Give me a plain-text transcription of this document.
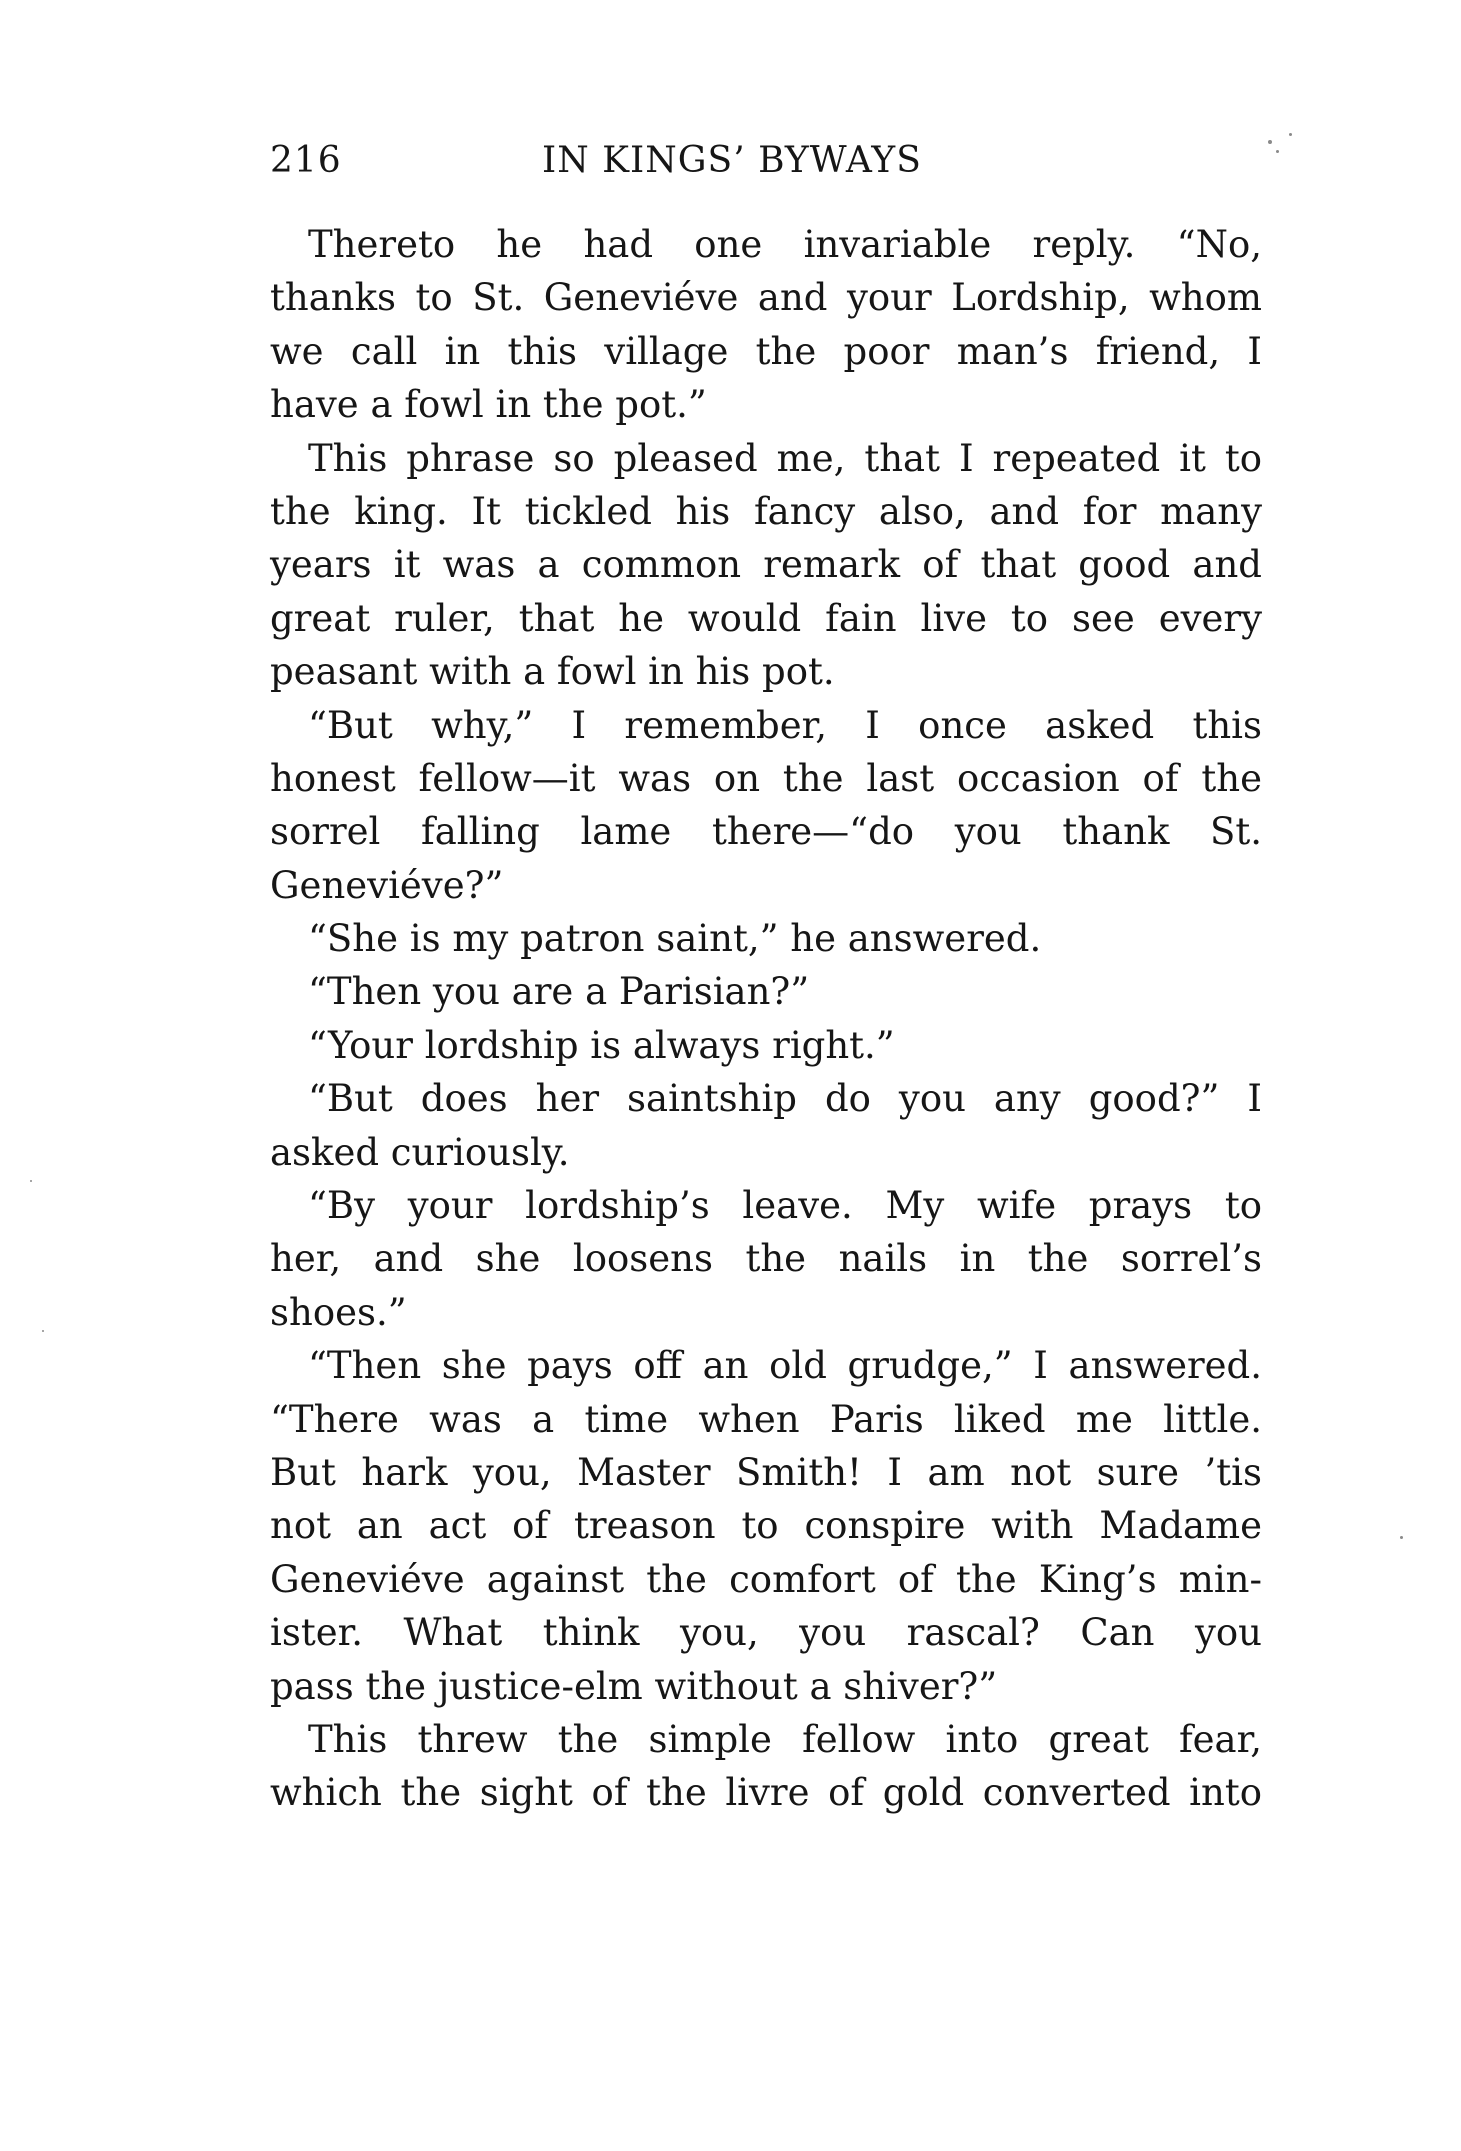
216	IN KINGS’ BYWAYS
Thereto he had one invariable reply. “No,
thanks to St. Geneviéve and your Lordship, whom
we call in this village the poor man’s friend, I
have a fowl in the pot.”
This phrase so pleased me, that I repeated it to
the king. It tickled his fancy also, and for many
years it was a common remark of that good and
great ruler, that he would fain live to see every
peasant with a fowl in his pot.
“But why,” I remember, I once asked this
honest fellow—it was on the last occasion of the
sorrel falling lame there—“do you thank St.
Geneviéve?”
“She is my patron saint,” he answered.
“Then you are a Parisian?”
“Your lordship is always right.”
“But does her saintship do you any good?” I
asked curiously.
“By your lordship’s leave. My wife prays to
her, and she loosens the nails in the sorrel’s
shoes.”
“Then she pays off an old grudge,” I answered.
“There was a time when Paris liked me little.
But hark you, Master Smith! I am not sure ’tis
not an act of treason to conspire with Madame
Geneviéve against the comfort of the King’s min-
ister. What think you, you rascal? Can you
pass the justice-elm without a shiver?”
This threw the simple fellow into great fear,
which the sight of the livre of gold converted into
